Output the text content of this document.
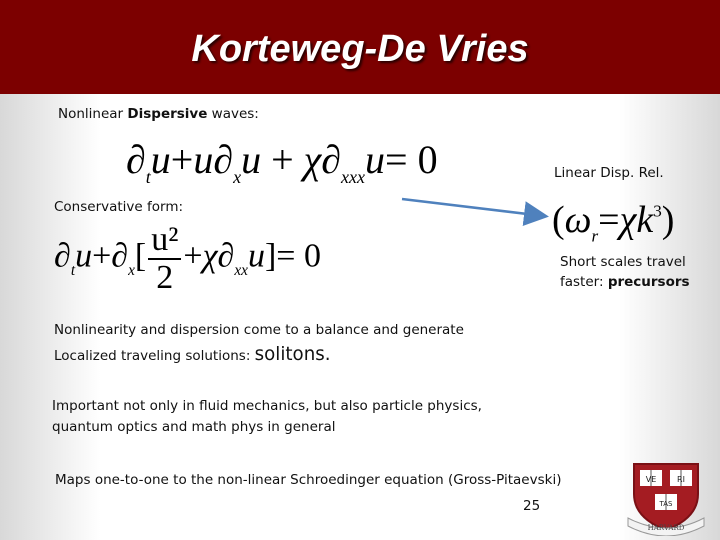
Korteweg-De Vries
Nonlinear Dispersive waves:
$\partial_tu+u\partial_xu + \chi\partial_{xxx}u= 0$	Linear Disp. Rel.
Conservative form:
$\partial_tu+\partial_x[ \frac{\text{u²}}{2} +\chi\partial_{xx}u]= 0$
$(\omega_r=\chi k^3)$
Short scales travel
faster: precursors
Nonlinearity and dispersion come to a balance and generate
Localized traveling solutions: solitons.
Important not only in fluid mechanics, but also particle physics,
quantum optics and math phys in general
Maps one-to-one to the non-linear Schroedinger equation (Gross-Pitaevski)
25
VE	RI
TAS
HARVARD
